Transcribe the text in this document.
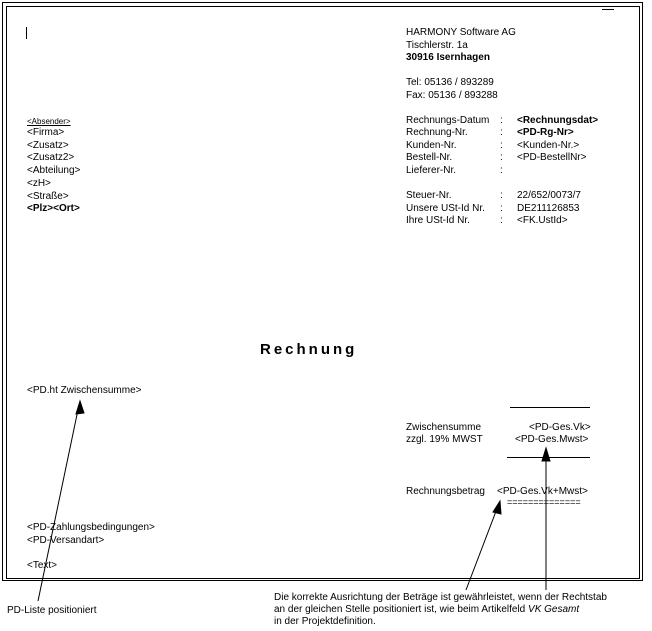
HARMONY Software AG
Tischlerstr. 1a
30916 Isernhagen
Tel: 05136 / 893289
Fax: 05136 / 893288
<Absender>
<Firma>
<Zusatz>
<Zusatz2>
<Abteilung>
<zH>
<Straße>
<Plz><Ort>
Rechnungs-Datum : <Rechnungsdat>
Rechnung-Nr.	: <PD-Rg-Nr>
Kunden-Nr.	: <Kunden-Nr.>
Bestell-Nr.	: <PD-BestellNr>
Lieferer-Nr.	:
Steuer-Nr.	: 22/652/0073/7
Unsere USt-Id Nr. : DE211126853
Ihre USt-Id Nr.	: <FK.UstId>
Rechnung
<PD.ht Zwischensumme>
Zwischensumme	<PD-Ges.Vk>
zzgl. 19% MWST	<PD-Ges.Mwst>
Rechnungsbetrag <PD-Ges.Vk+Mwst>
==============
<PD-Zahlungsbedingungen>
<PD-Versandart>
<Text>
PD-Liste positioniert
Die korrekte Ausrichtung der Beträge ist gewährleistet, wenn der Rechtstab
an der gleichen Stelle positioniert ist, wie beim Artikelfeld VK Gesamt
in der Projektdefinition.
